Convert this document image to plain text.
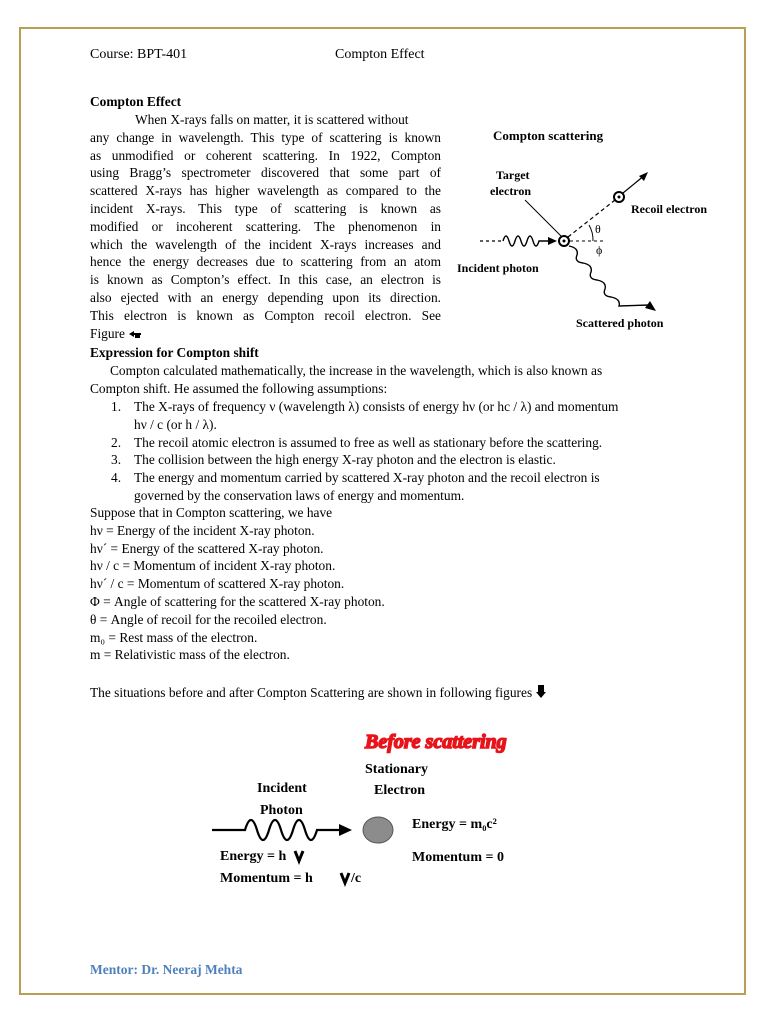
Course: BPT-401	Compton Effect
Compton Effect
When X-rays falls on matter, it is scattered without
any change in wavelength. This type of scattering is known
as unmodified or coherent scattering. In 1922, Compton
using Bragg’s spectrometer discovered that some part of
scattered X-rays has higher wavelength as compared to the
incident X-rays. This type of scattering is known as
modified or incoherent scattering. The phenomenon in
which the wavelength of the incident X-rays increases and
hence the energy decreases due to scattering from an atom
is known as Compton’s effect. In this case, an electron is
also ejected with an energy depending upon its direction.
This electron is known as Compton recoil electron. See
Figure
Compton scattering
Target
electron
θ
ϕ
Recoil electron
Incident photon
Scattered photon
Expression for Compton shift
Compton calculated mathematically, the increase in the wavelength, which is also known as
Compton shift. He assumed the following assumptions:
1. The X-rays of frequency ν (wavelength λ) consists of energy hν (or hc / λ) and momentum
hν / c (or h / λ).
2. The recoil atomic electron is assumed to free as well as stationary before the scattering.
3. The collision between the high energy X-ray photon and the electron is elastic.
4. The energy and momentum carried by scattered X-ray photon and the recoil electron is
governed by the conservation laws of energy and momentum.
Suppose that in Compton scattering, we have
hν = Energy of the incident X-ray photon.
hν´ = Energy of the scattered X-ray photon.
hν / c = Momentum of incident X-ray photon.
hν´ / c = Momentum of scattered X-ray photon.
Φ = Angle of scattering for the scattered X-ray photon.
θ = Angle of recoil for the recoiled electron.
m₀ = Rest mass of the electron.
m = Relativistic mass of the electron.
The situations before and after Compton Scattering are shown in following figures
Before scattering
Incident
Photon
Stationary
Electron
Energy = h
Momentum = h	/c
Energy = m₀c²
Momentum = 0
Mentor: Dr. Neeraj Mehta
